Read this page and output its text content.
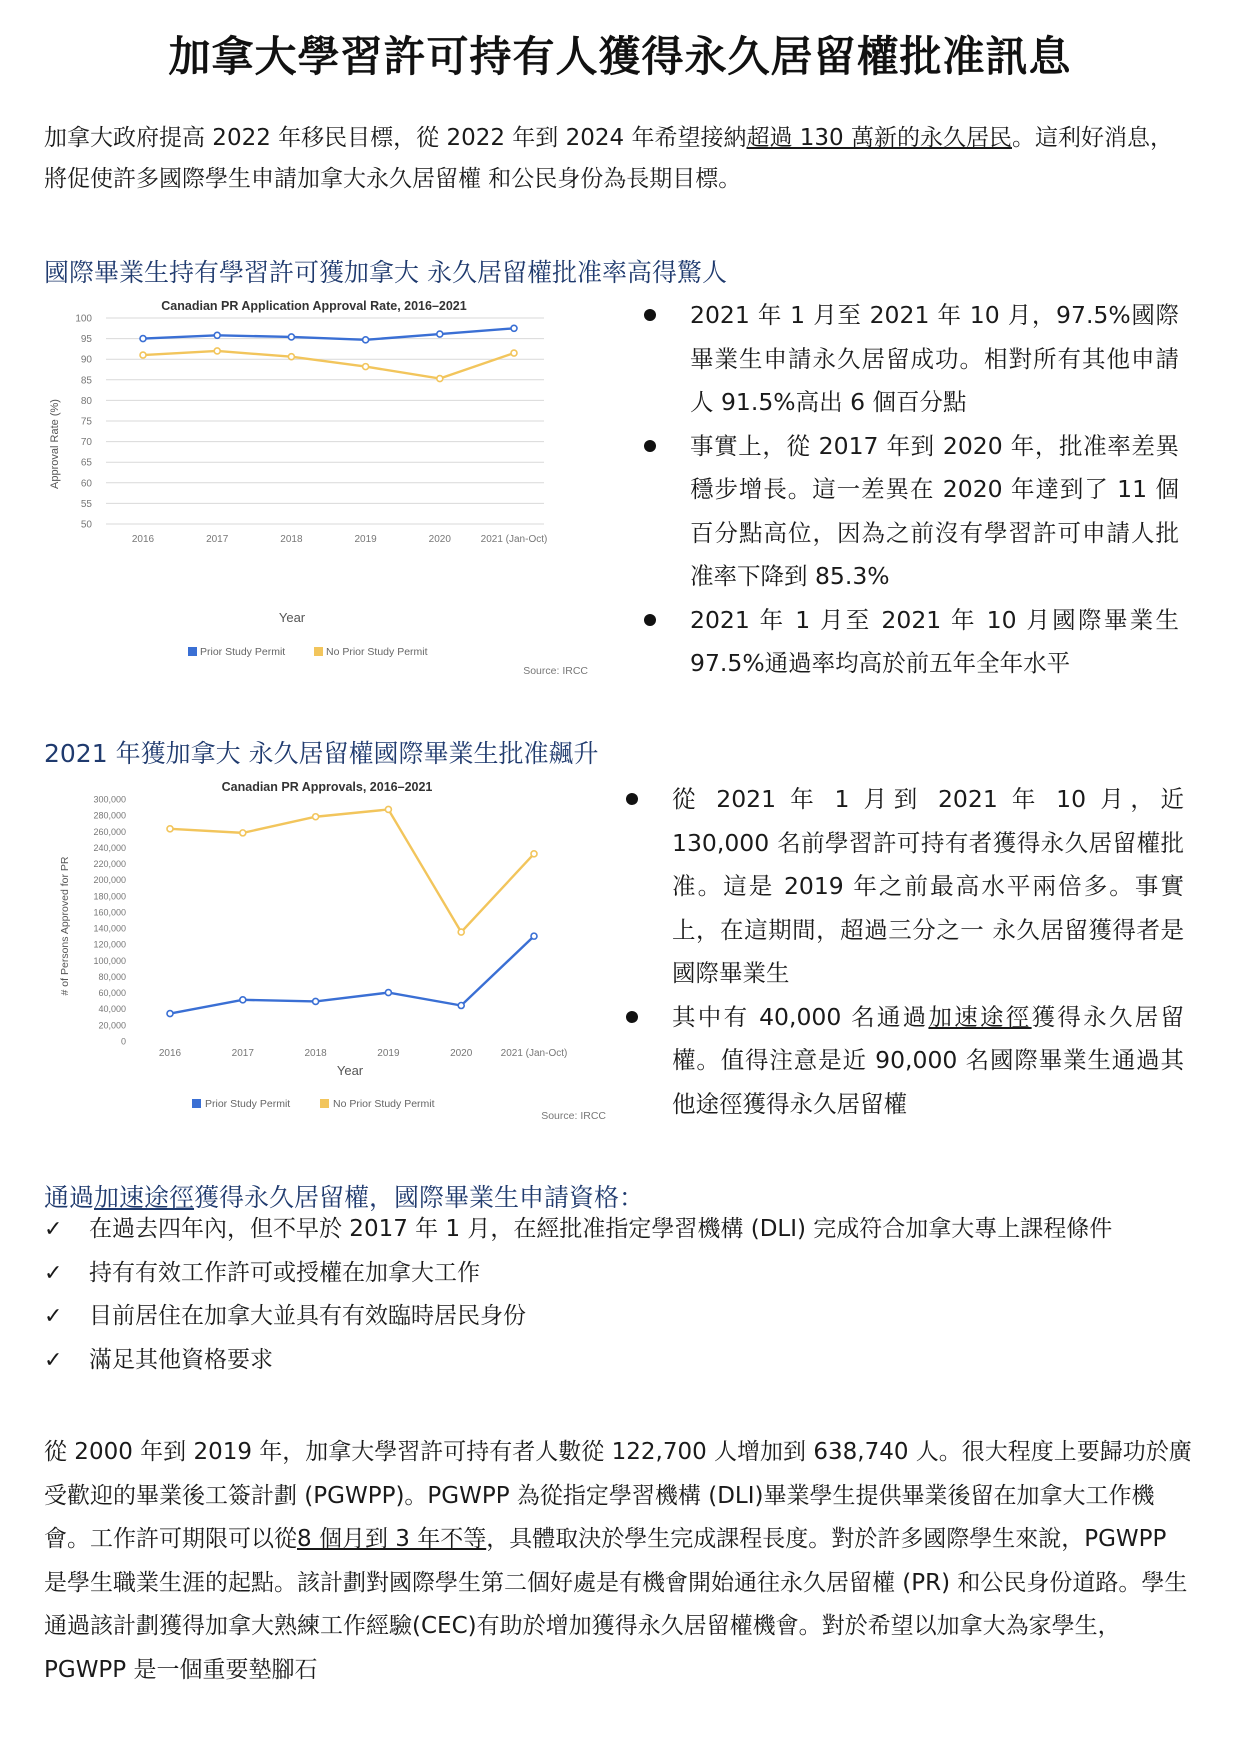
加拿大學習許可持有人獲得永久居留權批准訊息

加拿大政府提高 2022 年移民目標，從 2022 年到 2024 年希望接納超過 130 萬新的永久居民。這利好消息，將促使許多國際學生申請加拿大永久居留權 和公民身份為長期目標。

國際畢業生持有學習許可獲加拿大 永久居留權批准率高得驚人
Canadian PR Application Approval Rate, 2016–2021
50
55
60
65
70
75
80
85
90
95
100
2016	2017	2018	2019	2020	2021 (Jan-Oct)
Approval Rate (%)
Year
Prior Study Permit	No Prior Study Permit
Source: IRCC
2021 年 1 月至 2021 年 10 月，97.5%國際畢業生申請永久居留成功。相對所有其他申請人 91.5%高出 6 個百分點
事實上，從 2017 年到 2020 年，批准率差異穩步增長。這一差異在 2020 年達到了 11 個百分點高位，因為之前沒有學習許可申請人批准率下降到 85.3%
2021 年 1 月至 2021 年 10 月國際畢業生 97.5%通過率均高於前五年全年水平
2021 年獲加拿大 永久居留權國際畢業生批准飆升
Canadian PR Approvals, 2016–2021
0
20,000
40,000
60,000
80,000
100,000
120,000
140,000
160,000
180,000
200,000
220,000
240,000
260,000
280,000
300,000
2016	2017	2018	2019	2020	2021 (Jan-Oct)
# of Persons Approved for PR
Year
Prior Study Permit	No Prior Study Permit
Source: IRCC
從 2021 年 1 月到 2021 年 10 月，近 130,000 名前學習許可持有者獲得永久居留權批准。這是 2019 年之前最高水平兩倍多。事實上，在這期間，超過三分之一 永久居留獲得者是國際畢業生
其中有 40,000 名通過加速途徑獲得永久居留權。值得注意是近 90,000 名國際畢業生通過其他途徑獲得永久居留權
通過加速途徑獲得永久居留權，國際畢業生申請資格：
✓ 在過去四年內，但不早於 2017 年 1 月，在經批准指定學習機構 (DLI) 完成符合加拿大專上課程條件
✓ 持有有效工作許可或授權在加拿大工作
✓ 目前居住在加拿大並具有有效臨時居民身份
✓ 滿足其他資格要求

從 2000 年到 2019 年，加拿大學習許可持有者人數從 122,700 人增加到 638,740 人。很大程度上要歸功於廣受歡迎的畢業後工簽計劃 (PGWPP)。PGWPP 為從指定學習機構 (DLI)畢業學生提供畢業後留在加拿大工作機會。工作許可期限可以從8 個月到 3 年不等，具體取決於學生完成課程長度。對於許多國際學生來說，PGWPP 是學生職業生涯的起點。該計劃對國際學生第二個好處是有機會開始通往永久居留權 (PR) 和公民身份道路。學生通過該計劃獲得加拿大熟練工作經驗(CEC)有助於增加獲得永久居留權機會。對於希望以加拿大為家學生，PGWPP 是一個重要墊腳石
